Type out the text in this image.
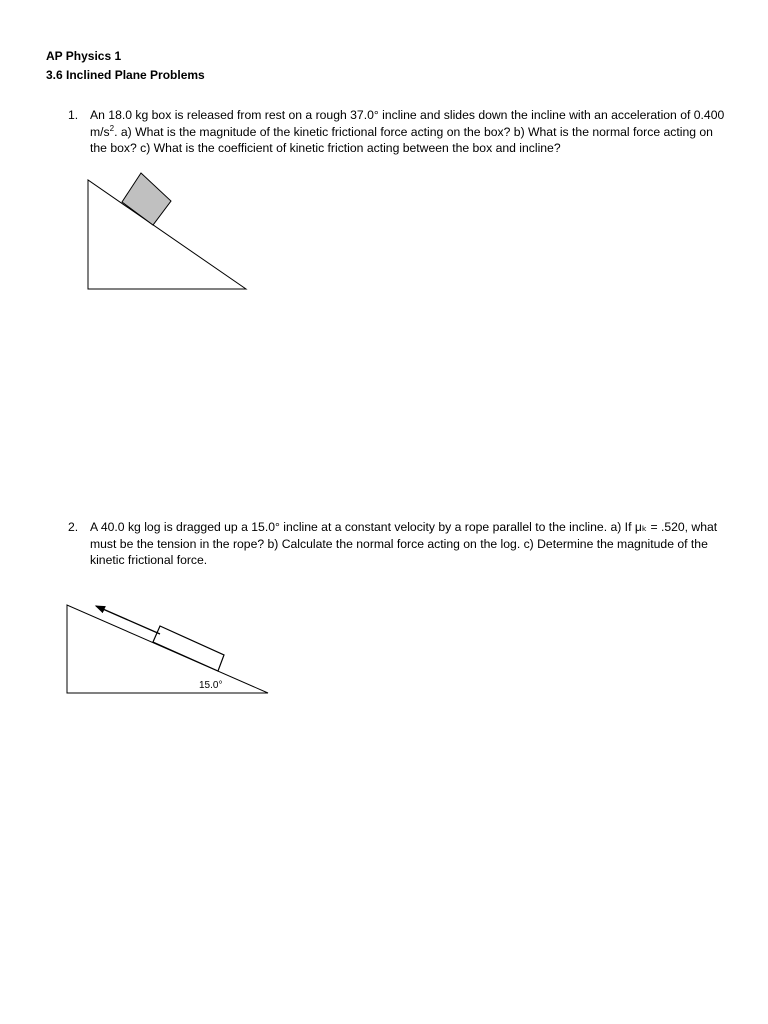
AP Physics 1
3.6 Inclined Plane Problems
1. An 18.0 kg box is released from rest on a rough 37.0° incline and slides down the incline with an acceleration of 0.400 $m/s^2$. a) What is the magnitude of the kinetic frictional force acting on the box? b) What is the normal force acting on the box? c) What is the coefficient of kinetic friction acting between the box and incline?
2. A 40.0 kg log is dragged up a 15.0° incline at a constant velocity by a rope parallel to the incline. a) If μₖ = .520, what must be the tension in the rope? b) Calculate the normal force acting on the log. c) Determine the magnitude of the kinetic frictional force.
15.0°
